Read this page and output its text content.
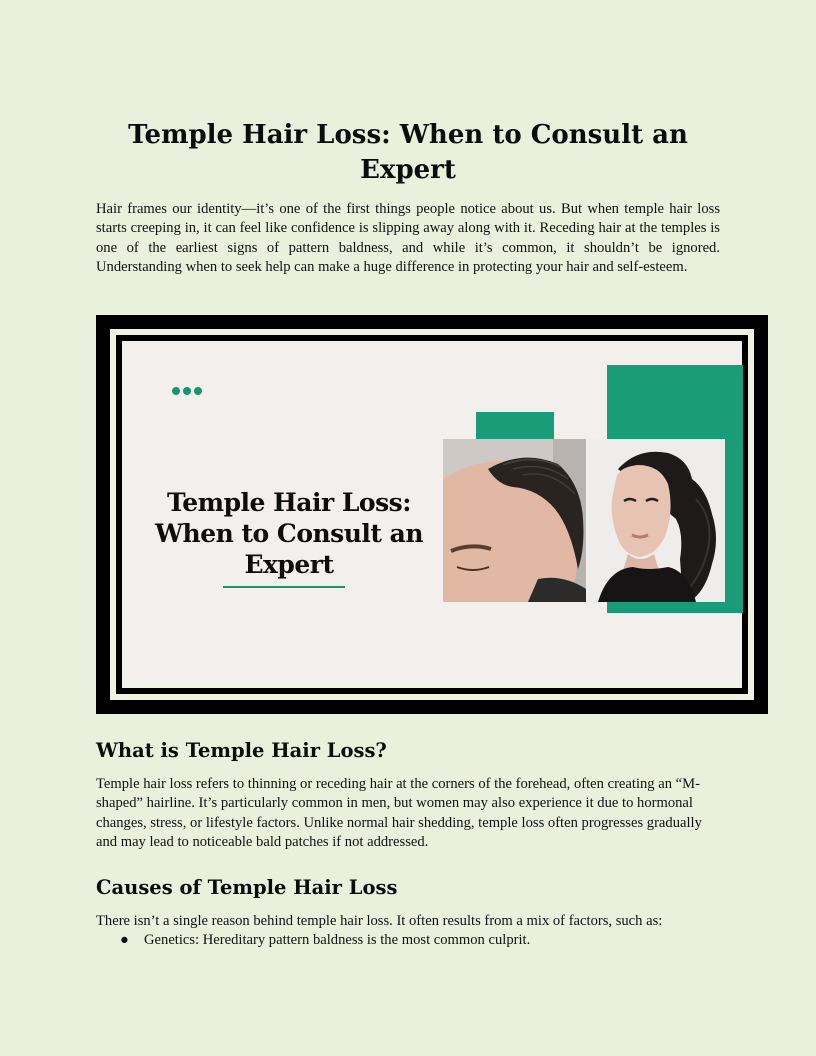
Temple Hair Loss: When to Consult an Expert

Hair frames our identity—it’s one of the first things people notice about us. But when temple hair loss starts creeping in, it can feel like confidence is slipping away along with it. Receding hair at the temples is one of the earliest signs of pattern baldness, and while it’s common, it shouldn’t be ignored. Understanding when to seek help can make a huge difference in protecting your hair and self-esteem.

Temple Hair Loss:
When to Consult an
Expert
What is Temple Hair Loss?

Temple hair loss refers to thinning or receding hair at the corners of the forehead, often creating an “M-shaped” hairline. It’s particularly common in men, but women may also experience it due to hormonal changes, stress, or lifestyle factors. Unlike normal hair shedding, temple loss often progresses gradually and may lead to noticeable bald patches if not addressed.

Causes of Temple Hair Loss

There isn’t a single reason behind temple hair loss. It often results from a mix of factors, such as:

● Genetics: Hereditary pattern baldness is the most common culprit.
